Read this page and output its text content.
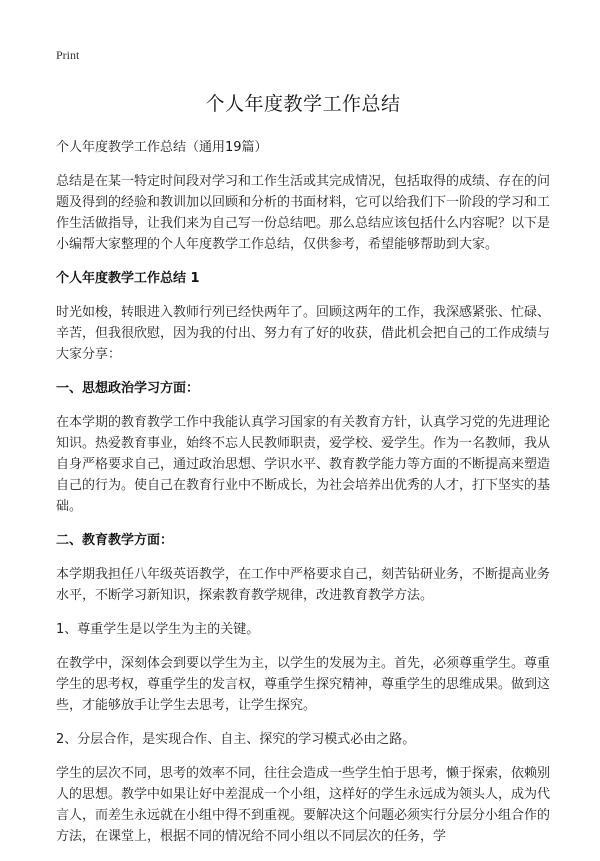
Print
个人年度教学工作总结

个人年度教学工作总结（通用19篇）

总结是在某一特定时间段对学习和工作生活或其完成情况，包括取得的成绩、存在的问题及得到的经验和教训加以回顾和分析的书面材料，它可以给我们下一阶段的学习和工作生活做指导，让我们来为自己写一份总结吧。那么总结应该包括什么内容呢？以下是小编帮大家整理的个人年度教学工作总结，仅供参考，希望能够帮助到大家。

个人年度教学工作总结 1

时光如梭，转眼进入教师行列已经快两年了。回顾这两年的工作，我深感紧张、忙碌、辛苦，但我很欣慰，因为我的付出、努力有了好的收获，借此机会把自己的工作成绩与大家分享：

一、思想政治学习方面：

在本学期的教育教学工作中我能认真学习国家的有关教育方针，认真学习党的先进理论知识。热爱教育事业，始终不忘人民教师职责，爱学校、爱学生。作为一名教师，我从自身严格要求自己，通过政治思想、学识水平、教育教学能力等方面的不断提高来塑造自己的行为。使自己在教育行业中不断成长，为社会培养出优秀的人才，打下坚实的基础。

二、教育教学方面：

本学期我担任八年级英语教学，在工作中严格要求自己，刻苦钻研业务，不断提高业务水平，不断学习新知识，探索教育教学规律，改进教育教学方法。

1、尊重学生是以学生为主的关键。

在教学中，深刻体会到要以学生为主，以学生的发展为主。首先，必须尊重学生。尊重学生的思考权，尊重学生的发言权，尊重学生探究精神，尊重学生的思维成果。做到这些，才能够放手让学生去思考，让学生探究。

2、分层合作，是实现合作、自主、探究的学习模式必由之路。

学生的层次不同，思考的效率不同，往往会造成一些学生怕于思考，懒于探索，依赖别人的思想。教学中如果让好中差混成一个小组，这样好的学生永远成为领头人，成为代言人，而差生永远就在小组中得不到重视。要解决这个问题必须实行分层分小组合作的方法，在课堂上，根据不同的情况给不同小组以不同层次的任务，学
